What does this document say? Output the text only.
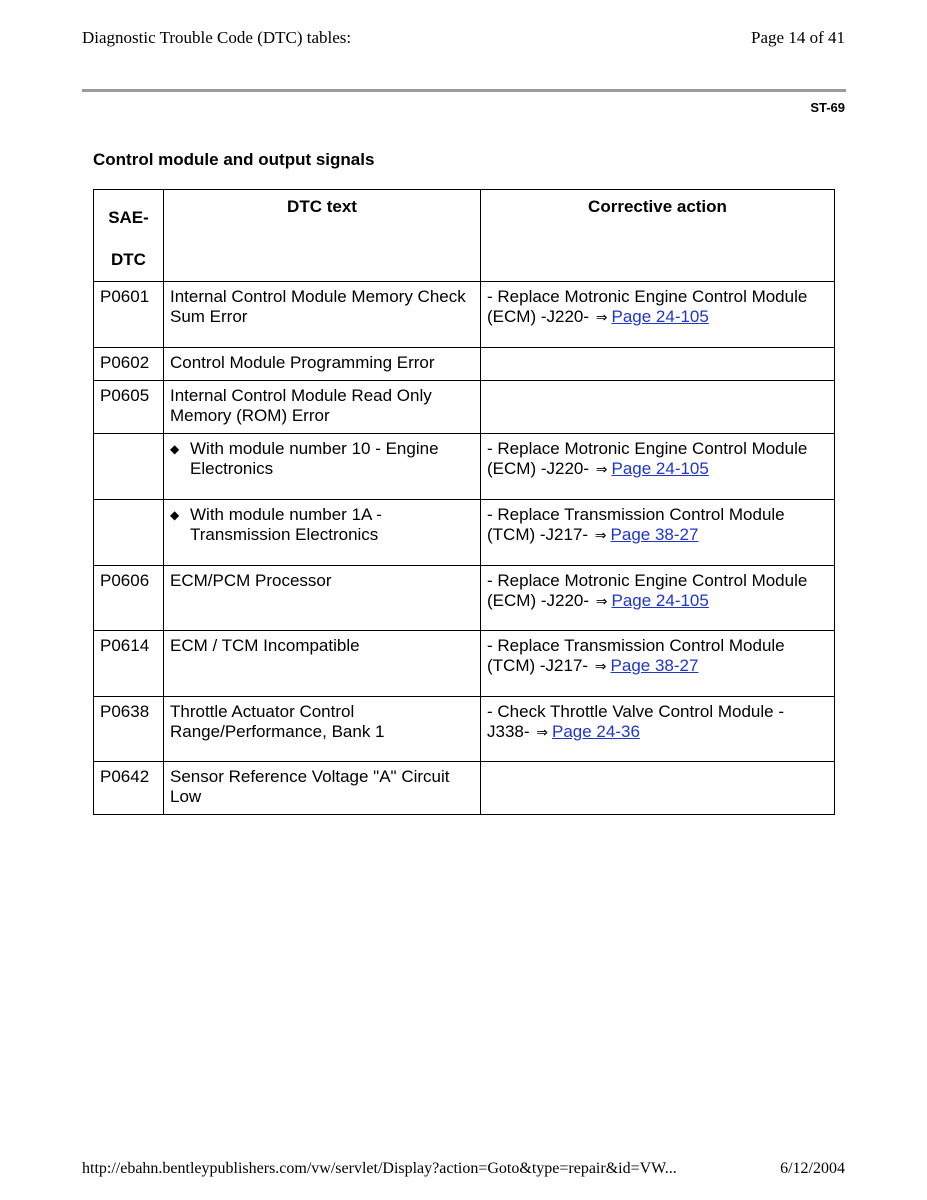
Diagnostic Trouble Code (DTC) tables:	Page 14 of 41
ST-69
Control module and output signals
SAE-
DTC	DTC text	Corrective action
P0601	Internal Control Module Memory Check Sum Error	- Replace Motronic Engine Control Module (ECM) -J220- ⇒ Page 24-105
P0602	Control Module Programming Error	
P0605	Internal Control Module Read Only Memory (ROM) Error	

	◆ With module number 10 - Engine Electronics	- Replace Motronic Engine Control Module (ECM) -J220- ⇒ Page 24-105

	◆ With module number 1A - Transmission Electronics	- Replace Transmission Control Module (TCM) -J217- ⇒ Page 38-27
P0606	ECM/PCM Processor	- Replace Motronic Engine Control Module (ECM) -J220- ⇒ Page 24-105
P0614	ECM / TCM Incompatible	- Replace Transmission Control Module (TCM) -J217- ⇒ Page 38-27
P0638	Throttle Actuator Control Range/Performance, Bank 1	- Check Throttle Valve Control Module - J338- ⇒ Page 24-36
P0642	Sensor Reference Voltage "A" Circuit Low	
http://ebahn.bentleypublishers.com/vw/servlet/Display?action=Goto&type=repair&id=VW...	6/12/2004
